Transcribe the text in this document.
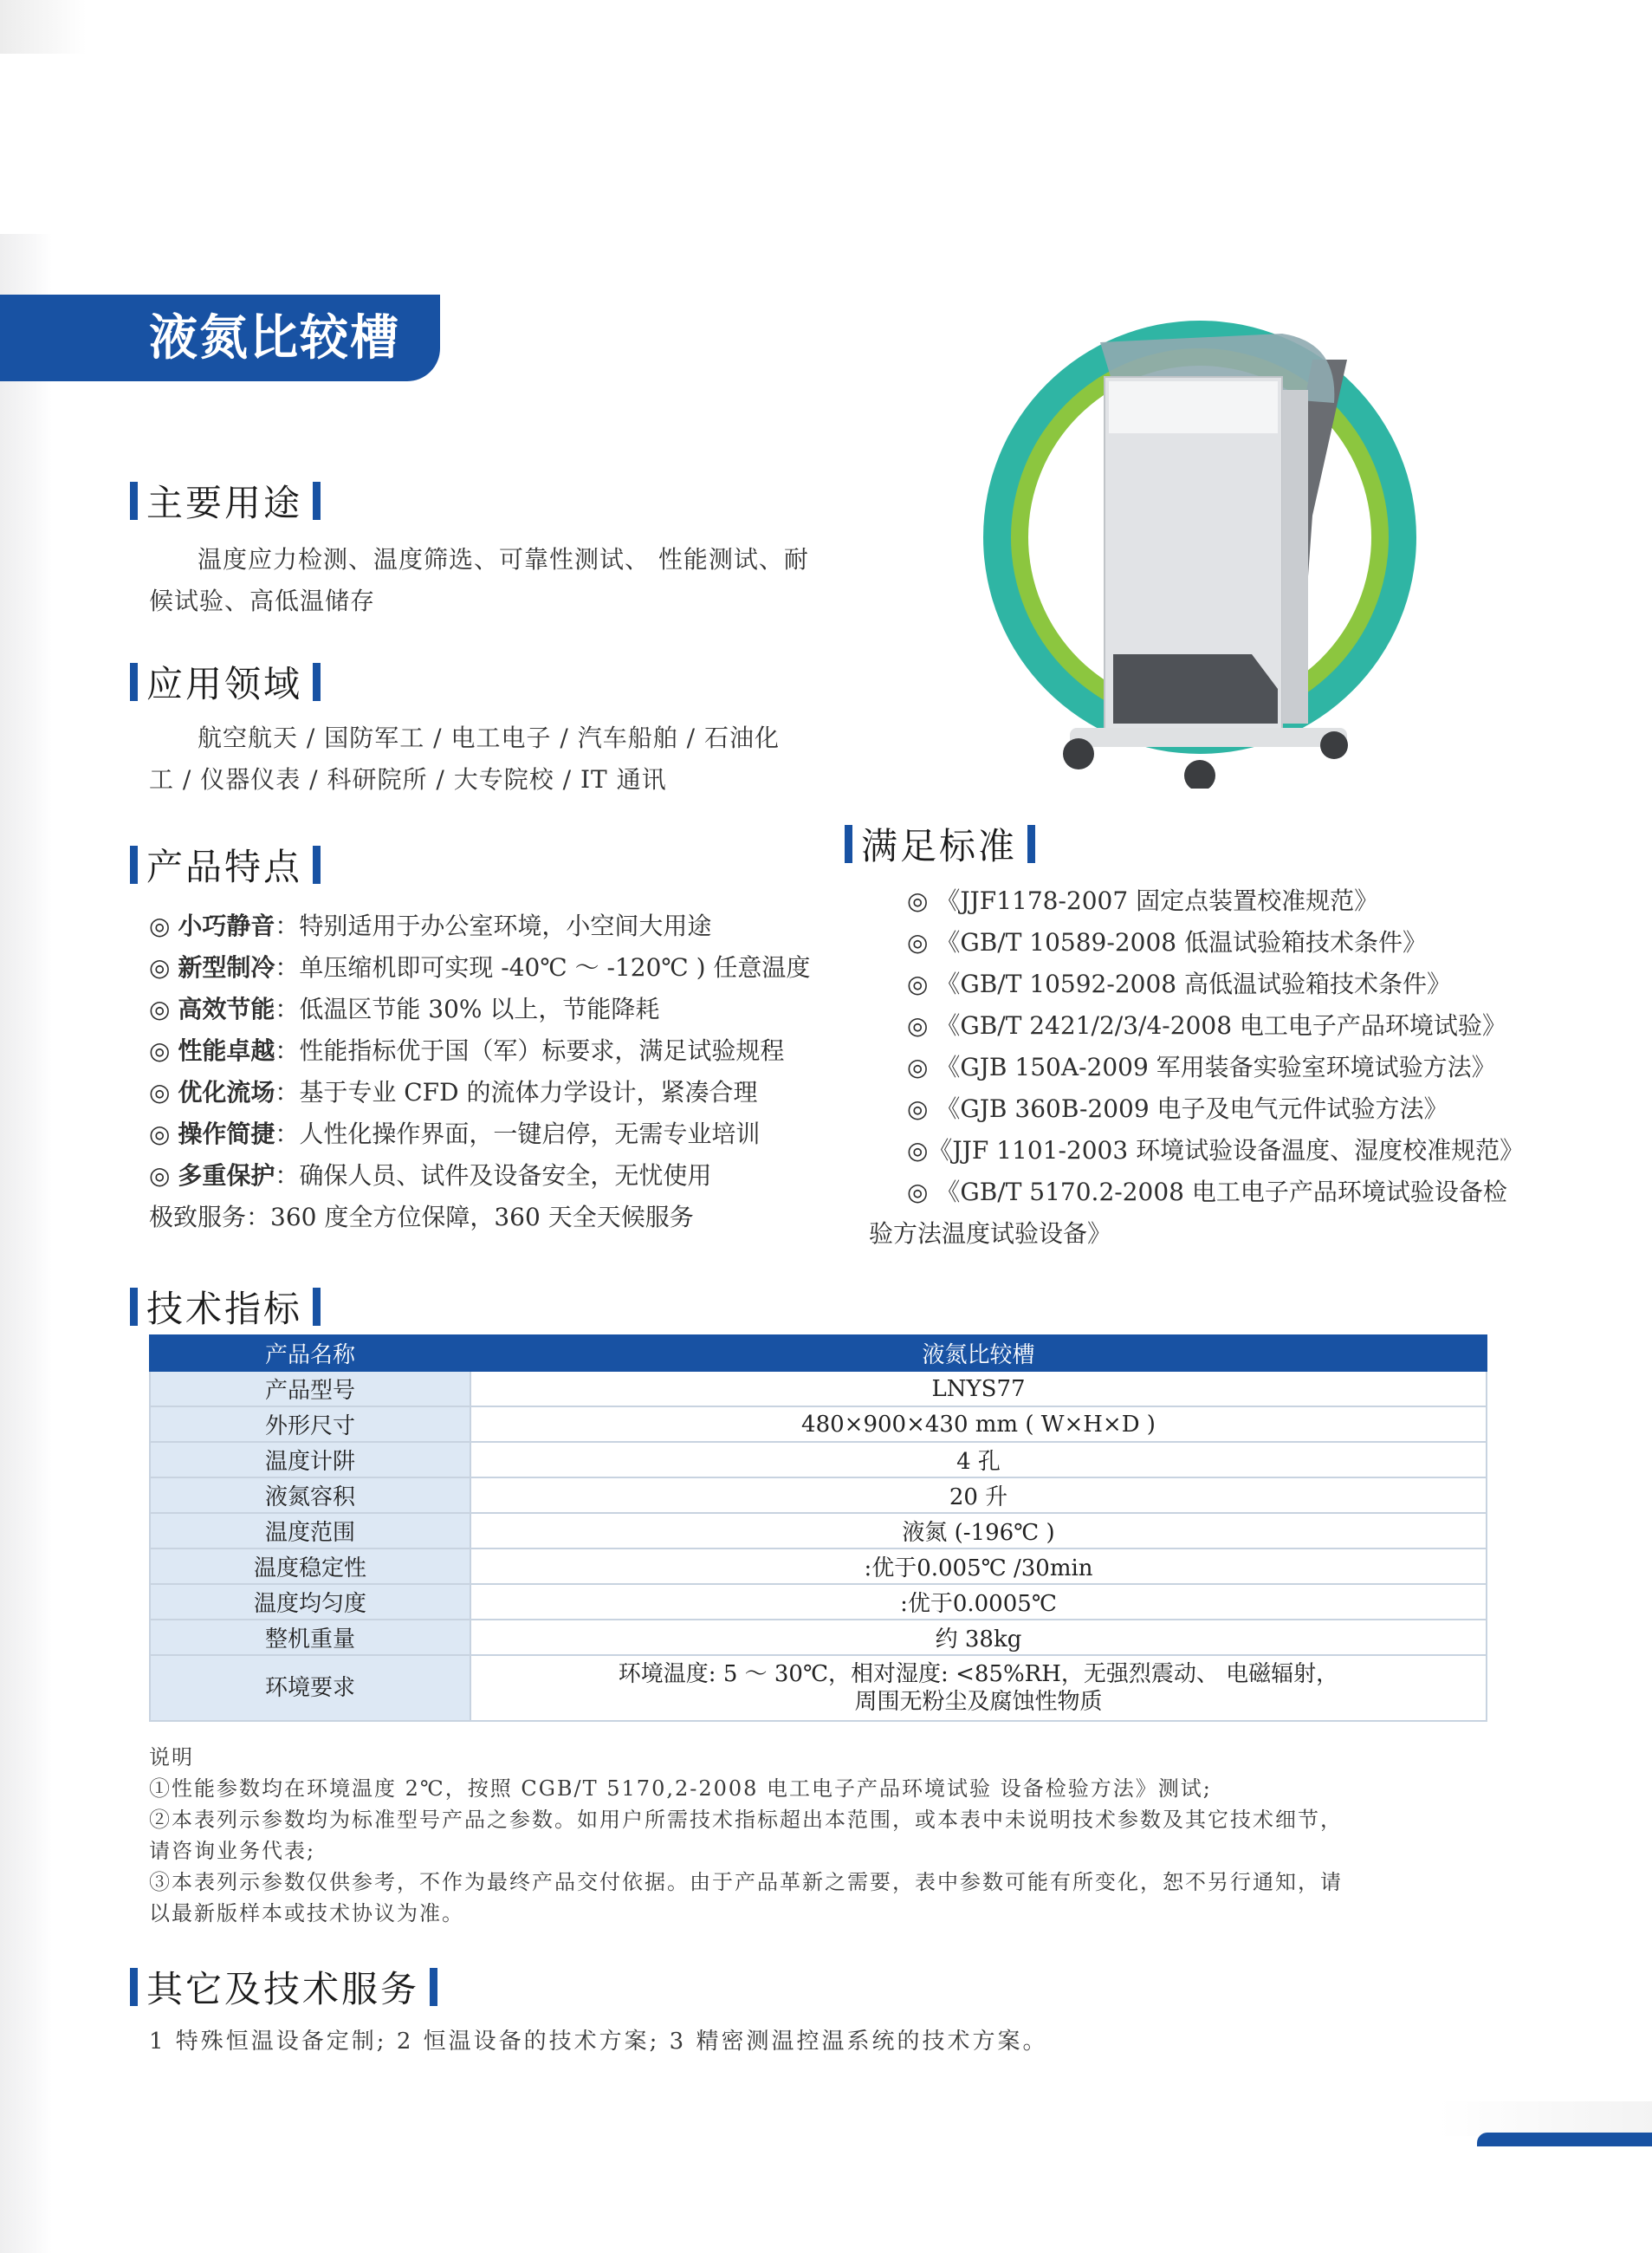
液氮比较槽
主要用途
温度应力检测、温度筛选、可靠性测试、 性能测试、耐
候试验、高低温储存
应用领域
航空航天 / 国防军工 / 电工电子 / 汽车船舶 / 石油化
工 / 仪器仪表 / 科研院所 / 大专院校 / IT 通讯
产品特点
◎ 小巧静音：特别适用于办公室环境，小空间大用途
◎ 新型制冷：单压缩机即可实现 -40℃ ～ -120℃ ) 任意温度
◎ 高效节能：低温区节能 30% 以上，节能降耗
◎ 性能卓越：性能指标优于国（军）标要求，满足试验规程
◎ 优化流场：基于专业 CFD 的流体力学设计，紧凑合理
◎ 操作简捷：人性化操作界面，一键启停，无需专业培训
◎ 多重保护：确保人员、试件及设备安全，无忧使用
极致服务：360 度全方位保障，360 天全天候服务
满足标准
◎ 《JJF1178-2007 固定点装置校准规范》
◎ 《GB/T 10589-2008 低温试验箱技术条件》
◎ 《GB/T 10592-2008 高低温试验箱技术条件》
◎ 《GB/T 2421/2/3/4-2008 电工电子产品环境试验》
◎ 《GJB 150A-2009 军用装备实验室环境试验方法》
◎ 《GJB 360B-2009 电子及电气元件试验方法》
◎《JJF 1101-2003 环境试验设备温度、湿度校准规范》
◎ 《GB/T 5170.2-2008 电工电子产品环境试验设备检
验方法温度试验设备》
技术指标
产品名称	液氮比较槽
产品型号	LNYS77
外形尺寸	480×900×430 mm ( W×H×D )
温度计阱	4 孔
液氮容积	20 升
温度范围	液氮 (-196℃ )
温度稳定性	:优于0.005℃ /30min
温度均匀度	:优于0.0005℃
整机重量	约 38kg
环境要求	环境温度: 5 ～ 30℃，相对湿度: <85%RH，无强烈震动、 电磁辐射，
周围无粉尘及腐蚀性物质
说明
①性能参数均在环境温度 2℃，按照 CGB/T 5170,2-2008 电工电子产品环境试验 设备检验方法》测试;
②本表列示参数均为标准型号产品之参数。如用户所需技术指标超出本范围，或本表中未说明技术参数及其它技术细节，
请咨询业务代表;
③本表列示参数仅供参考，不作为最终产品交付依据。由于产品革新之需要，表中参数可能有所变化，恕不另行通知，请
以最新版样本或技术协议为准。
其它及技术服务
1 特殊恒温设备定制; 2 恒温设备的技术方案; 3 精密测温控温系统的技术方案。
